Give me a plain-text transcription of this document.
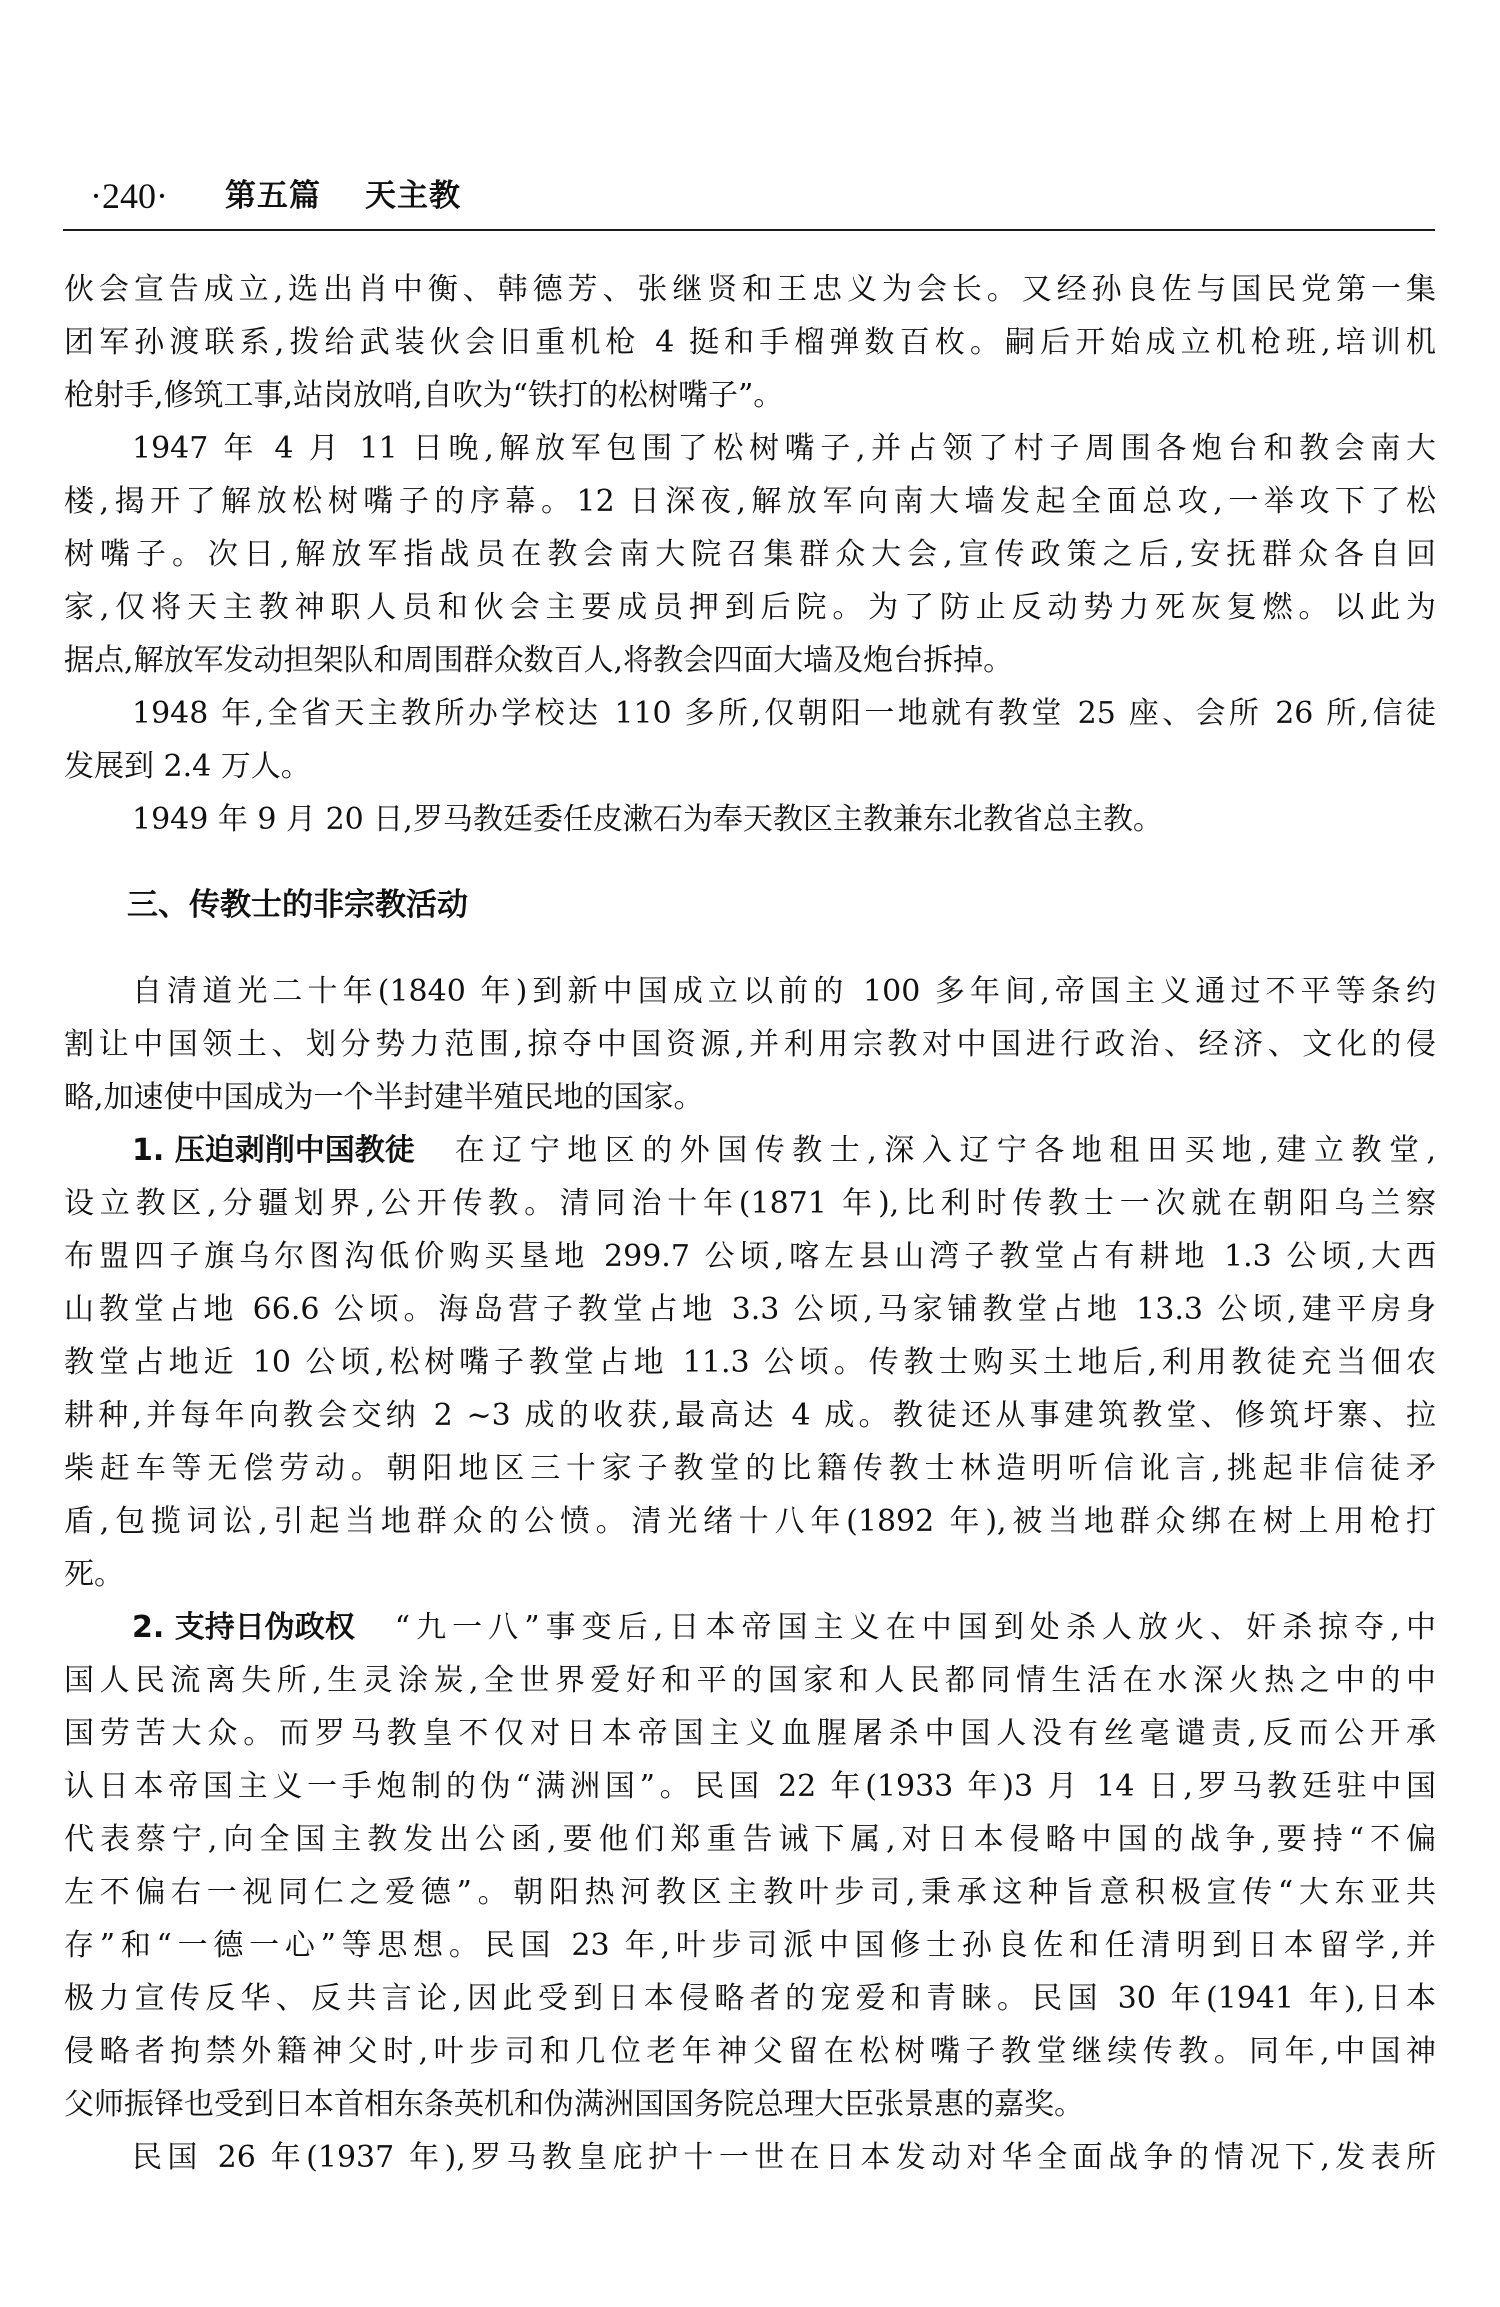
·240· 第五篇 天主教
伙会宣告成立,选出肖中衡、韩德芳、张继贤和王忠义为会长。又经孙良佐与国民党第一集
团军孙渡联系,拨给武装伙会旧重机枪 4 挺和手榴弹数百枚。嗣后开始成立机枪班,培训机
枪射手,修筑工事,站岗放哨,自吹为“铁打的松树嘴子”。
1947 年 4 月 11 日晚,解放军包围了松树嘴子,并占领了村子周围各炮台和教会南大
楼,揭开了解放松树嘴子的序幕。12 日深夜,解放军向南大墙发起全面总攻,一举攻下了松
树嘴子。次日,解放军指战员在教会南大院召集群众大会,宣传政策之后,安抚群众各自回
家,仅将天主教神职人员和伙会主要成员押到后院。为了防止反动势力死灰复燃。以此为
据点,解放军发动担架队和周围群众数百人,将教会四面大墙及炮台拆掉。
1948 年,全省天主教所办学校达 110 多所,仅朝阳一地就有教堂 25 座、会所 26 所,信徒
发展到 2.4 万人。
1949 年 9 月 20 日,罗马教廷委任皮漱石为奉天教区主教兼东北教省总主教。
三、传教士的非宗教活动
自清道光二十年(1840 年)到新中国成立以前的 100 多年间,帝国主义通过不平等条约
割让中国领土、划分势力范围,掠夺中国资源,并利用宗教对中国进行政治、经济、文化的侵
略,加速使中国成为一个半封建半殖民地的国家。
1. 压迫剥削中国教徒 在辽宁地区的外国传教士,深入辽宁各地租田买地,建立教堂,
设立教区,分疆划界,公开传教。清同治十年(1871 年),比利时传教士一次就在朝阳乌兰察
布盟四子旗乌尔图沟低价购买垦地 299.7 公顷,喀左县山湾子教堂占有耕地 1.3 公顷,大西
山教堂占地 66.6 公顷。海岛营子教堂占地 3.3 公顷,马家铺教堂占地 13.3 公顷,建平房身
教堂占地近 10 公顷,松树嘴子教堂占地 11.3 公顷。传教士购买土地后,利用教徒充当佃农
耕种,并每年向教会交纳 2 ~3 成的收获,最高达 4 成。教徒还从事建筑教堂、修筑圩寨、拉
柴赶车等无偿劳动。朝阳地区三十家子教堂的比籍传教士林造明听信讹言,挑起非信徒矛
盾,包揽词讼,引起当地群众的公愤。清光绪十八年(1892 年),被当地群众绑在树上用枪打
死。
2. 支持日伪政权 “九一八”事变后,日本帝国主义在中国到处杀人放火、奸杀掠夺,中
国人民流离失所,生灵涂炭,全世界爱好和平的国家和人民都同情生活在水深火热之中的中
国劳苦大众。而罗马教皇不仅对日本帝国主义血腥屠杀中国人没有丝毫谴责,反而公开承
认日本帝国主义一手炮制的伪“满洲国”。民国 22 年(1933 年)3 月 14 日,罗马教廷驻中国
代表蔡宁,向全国主教发出公函,要他们郑重告诫下属,对日本侵略中国的战争,要持“不偏
左不偏右一视同仁之爱德”。朝阳热河教区主教叶步司,秉承这种旨意积极宣传“大东亚共
存”和“一德一心”等思想。民国 23 年,叶步司派中国修士孙良佐和任清明到日本留学,并
极力宣传反华、反共言论,因此受到日本侵略者的宠爱和青睐。民国 30 年(1941 年),日本
侵略者拘禁外籍神父时,叶步司和几位老年神父留在松树嘴子教堂继续传教。同年,中国神
父师振铎也受到日本首相东条英机和伪满洲国国务院总理大臣张景惠的嘉奖。
民国 26 年(1937 年),罗马教皇庇护十一世在日本发动对华全面战争的情况下,发表所
